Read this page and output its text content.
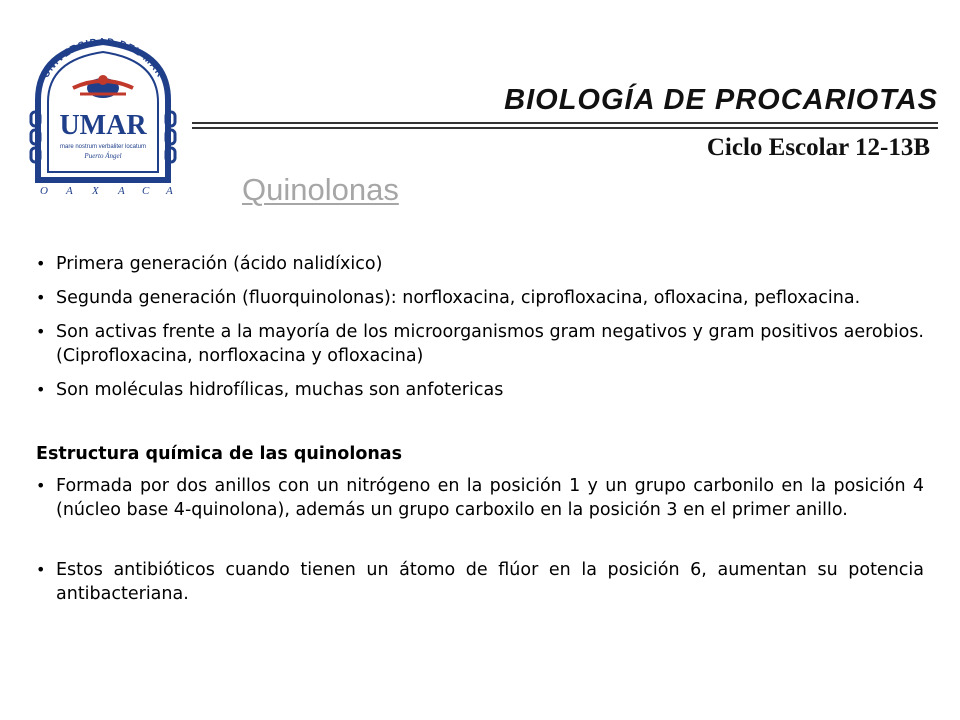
UNIVERSIDAD DEL MAR
UMAR
mare nostrum verbaliter locatum
Puerto Ángel
O A X A C A
BIOLOGÍA DE PROCARIOTAS
Ciclo Escolar 12-13B
Quinolonas
• Primera generación (ácido nalidíxico)
• Segunda generación (fluorquinolonas): norfloxacina, ciprofloxacina, ofloxacina, pefloxacina.
• Son activas frente a la mayoría de los microorganismos gram negativos y gram positivos aerobios. (Ciprofloxacina, norfloxacina y ofloxacina)
• Son moléculas hidrofílicas, muchas son anfotericas
Estructura química de las quinolonas
• Formada por dos anillos con un nitrógeno en la posición 1 y un grupo carbonilo en la posición 4 (núcleo base 4-quinolona), además un grupo carboxilo en la posición 3 en el primer anillo.
• Estos antibióticos cuando tienen un átomo de flúor en la posición 6, aumentan su potencia antibacteriana.
